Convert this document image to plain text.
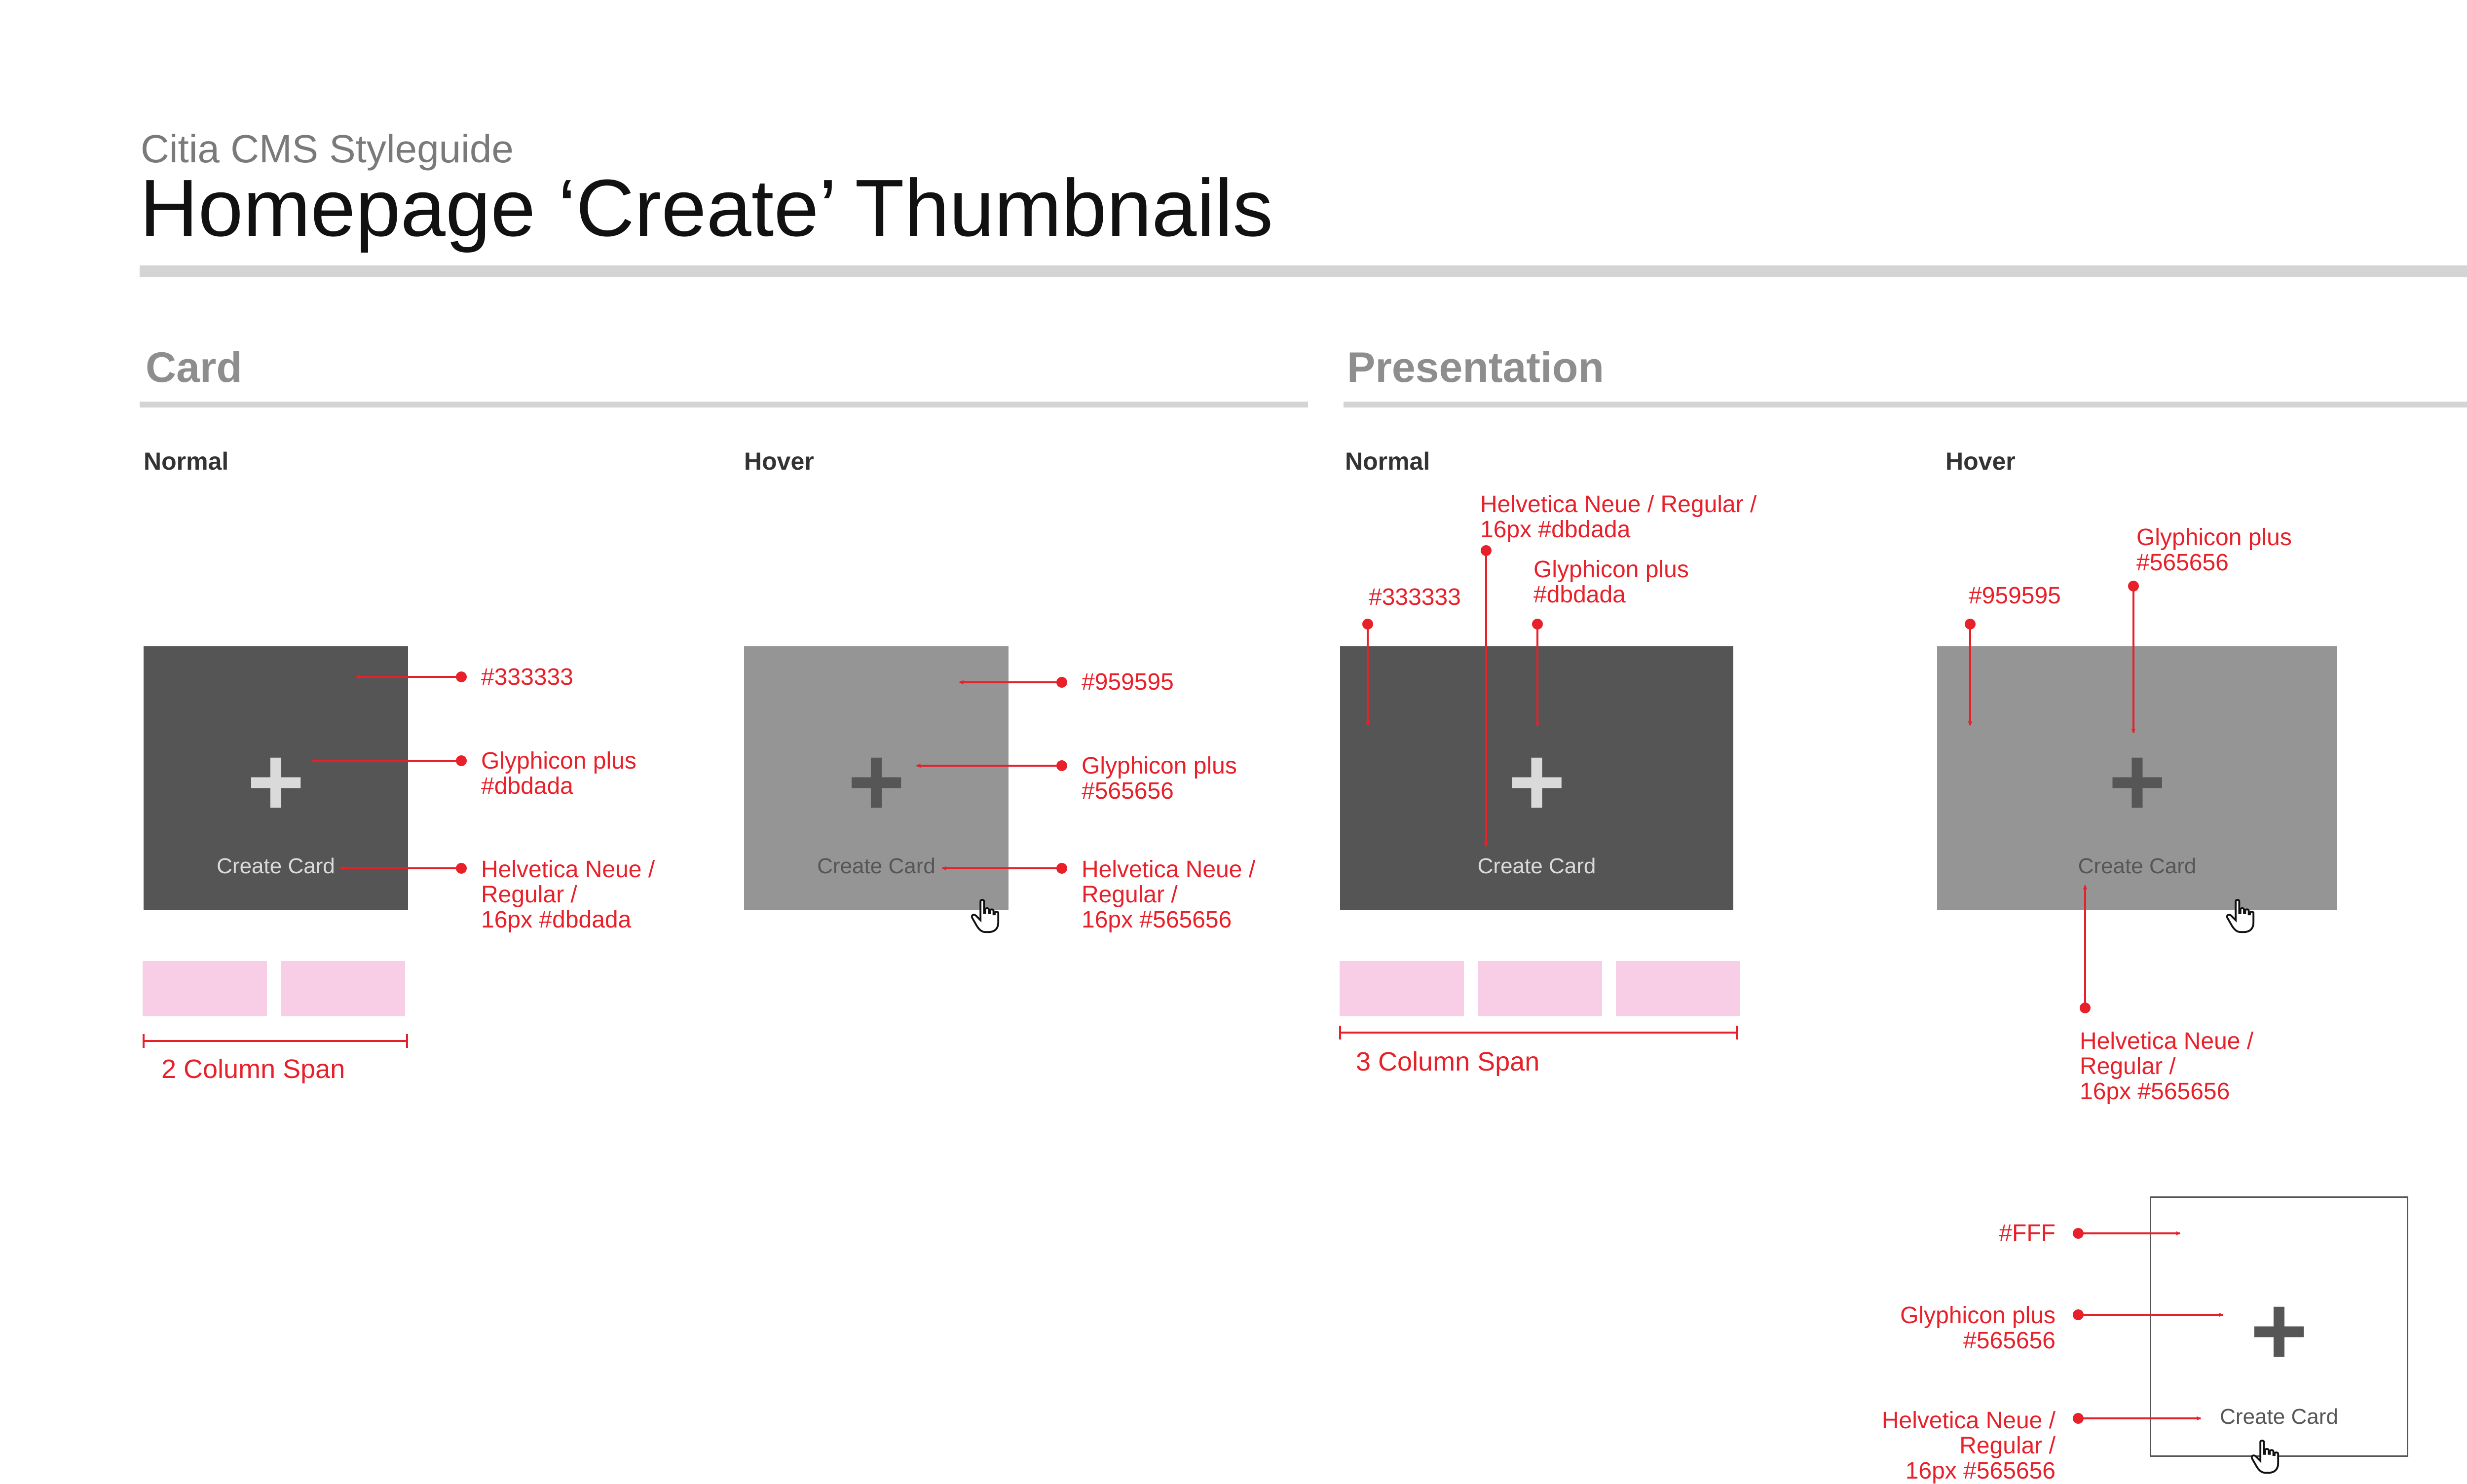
Citia CMS Styleguide
Homepage ‘Create’ Thumbnails
Card	Presentation
Normal	Hover	Normal	Hover
+
Create Card
+
Create Card
+
Create Card
+
Create Card
+
Create Card
2 Column Span	3 Column Span
#333333
Glyphicon plus
#dbdada
Helvetica Neue /
Regular /
16px #dbdada
#959595
Glyphicon plus
#565656
Helvetica Neue /
Regular /
16px #565656
Helvetica Neue / Regular /
16px #dbdada
Glyphicon plus
#dbdada
#333333
Glyphicon plus
#565656
#959595
Helvetica Neue /
Regular /
16px #565656
#FFF
Glyphicon plus
#565656
Helvetica Neue /
Regular /
16px #565656
